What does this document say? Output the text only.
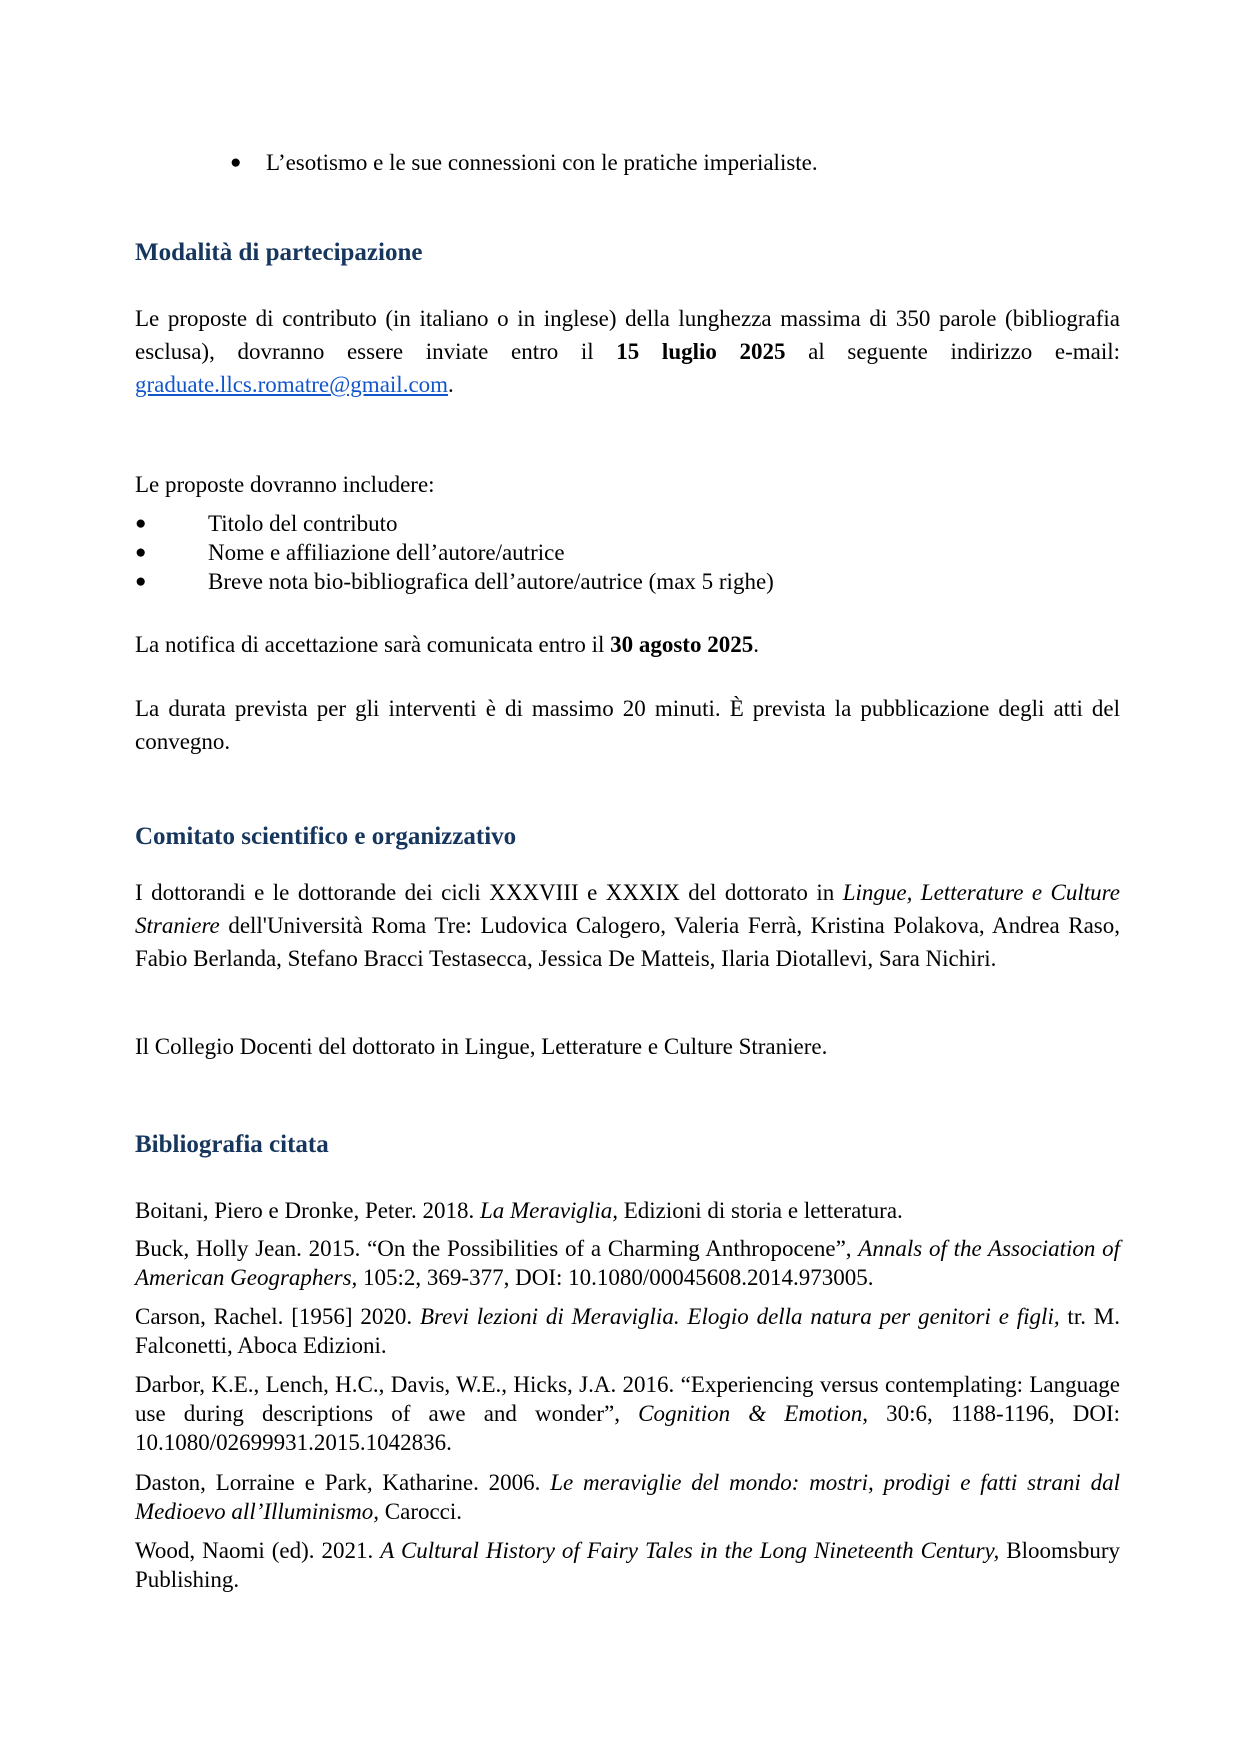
● L’esotismo e le sue connessioni con le pratiche imperialiste.
Modalità di partecipazione
Le proposte di contributo (in italiano o in inglese) della lunghezza massima di 350 parole (bibliografia esclusa), dovranno essere inviate entro il 15 luglio 2025 al seguente indirizzo e-mail: graduate.llcs.romatre@gmail.com.
Le proposte dovranno includere:
●	Titolo del contributo
●	Nome e affiliazione dell’autore/autrice
●	Breve nota bio-bibliografica dell’autore/autrice (max 5 righe)
La notifica di accettazione sarà comunicata entro il 30 agosto 2025.
La durata prevista per gli interventi è di massimo 20 minuti. È prevista la pubblicazione degli atti del convegno.
Comitato scientifico e organizzativo
I dottorandi e le dottorande dei cicli XXXVIII e XXXIX del dottorato in Lingue, Letterature e Culture Straniere dell'Università Roma Tre: Ludovica Calogero, Valeria Ferrà, Kristina Polakova, Andrea Raso, Fabio Berlanda, Stefano Bracci Testasecca, Jessica De Matteis, Ilaria Diotallevi, Sara Nichiri.
Il Collegio Docenti del dottorato in Lingue, Letterature e Culture Straniere.
Bibliografia citata
Boitani, Piero e Dronke, Peter. 2018. La Meraviglia, Edizioni di storia e letteratura.
Buck, Holly Jean. 2015. “On the Possibilities of a Charming Anthropocene”, Annals of the Association of American Geographers, 105:2, 369-377, DOI: 10.1080/00045608.2014.973005.
Carson, Rachel. [1956] 2020. Brevi lezioni di Meraviglia. Elogio della natura per genitori e figli, tr. M. Falconetti, Aboca Edizioni.
Darbor, K.E., Lench, H.C., Davis, W.E., Hicks, J.A. 2016. “Experiencing versus contemplating: Language use during descriptions of awe and wonder”, Cognition & Emotion, 30:6, 1188-1196, DOI: 10.1080/02699931.2015.1042836.
Daston, Lorraine e Park, Katharine. 2006. Le meraviglie del mondo: mostri, prodigi e fatti strani dal Medioevo all’Illuminismo, Carocci.
Wood, Naomi (ed). 2021. A Cultural History of Fairy Tales in the Long Nineteenth Century, Bloomsbury Publishing.
